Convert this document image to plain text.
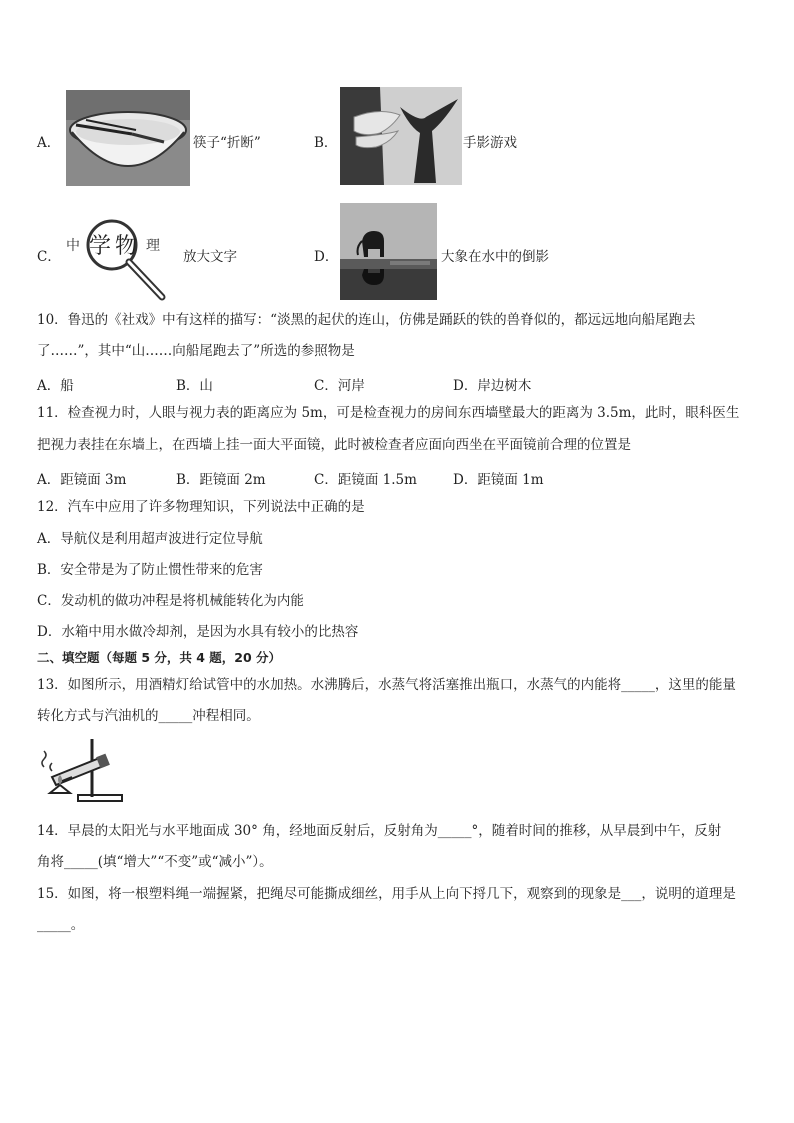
A．	筷子“折断”	B．	手影游戏
C．
中 学 物 理
放大文字	D．	大象在水中的倒影
10．鲁迅的《社戏》中有这样的描写：“淡黑的起伏的连山，仿佛是踊跃的铁的兽脊似的，都远远地向船尾跑去
了……”，其中“山……向船尾跑去了”所选的参照物是
A．船	B．山	C．河岸	D．岸边树木
11．检查视力时，人眼与视力表的距离应为 5m，可是检查视力的房间东西墙壁最大的距离为 3.5m，此时，眼科医生
把视力表挂在东墙上，在西墙上挂一面大平面镜，此时被检查者应面向西坐在平面镜前合理的位置是
A．距镜面 3m	B．距镜面 2m	C．距镜面 1.5m	D．距镜面 1m
12．汽车中应用了许多物理知识，下列说法中正确的是
A．导航仪是利用超声波进行定位导航
B．安全带是为了防止惯性带来的危害
C．发动机的做功冲程是将机械能转化为内能
D．水箱中用水做冷却剂，是因为水具有较小的比热容
二、填空题（每题 5 分，共 4 题，20 分）
13．如图所示，用酒精灯给试管中的水加热。水沸腾后，水蒸气将活塞推出瓶口，水蒸气的内能将_____，这里的能量
转化方式与汽油机的_____冲程相同。
14．早晨的太阳光与水平地面成 30° 角，经地面反射后，反射角为_____°，随着时间的推移，从早晨到中午，反射
角将_____(填“增大”“不变”或“减小”）。
15．如图，将一根塑料绳一端握紧，把绳尽可能撕成细丝，用手从上向下捋几下，观察到的现象是___，说明的道理是
_____。
